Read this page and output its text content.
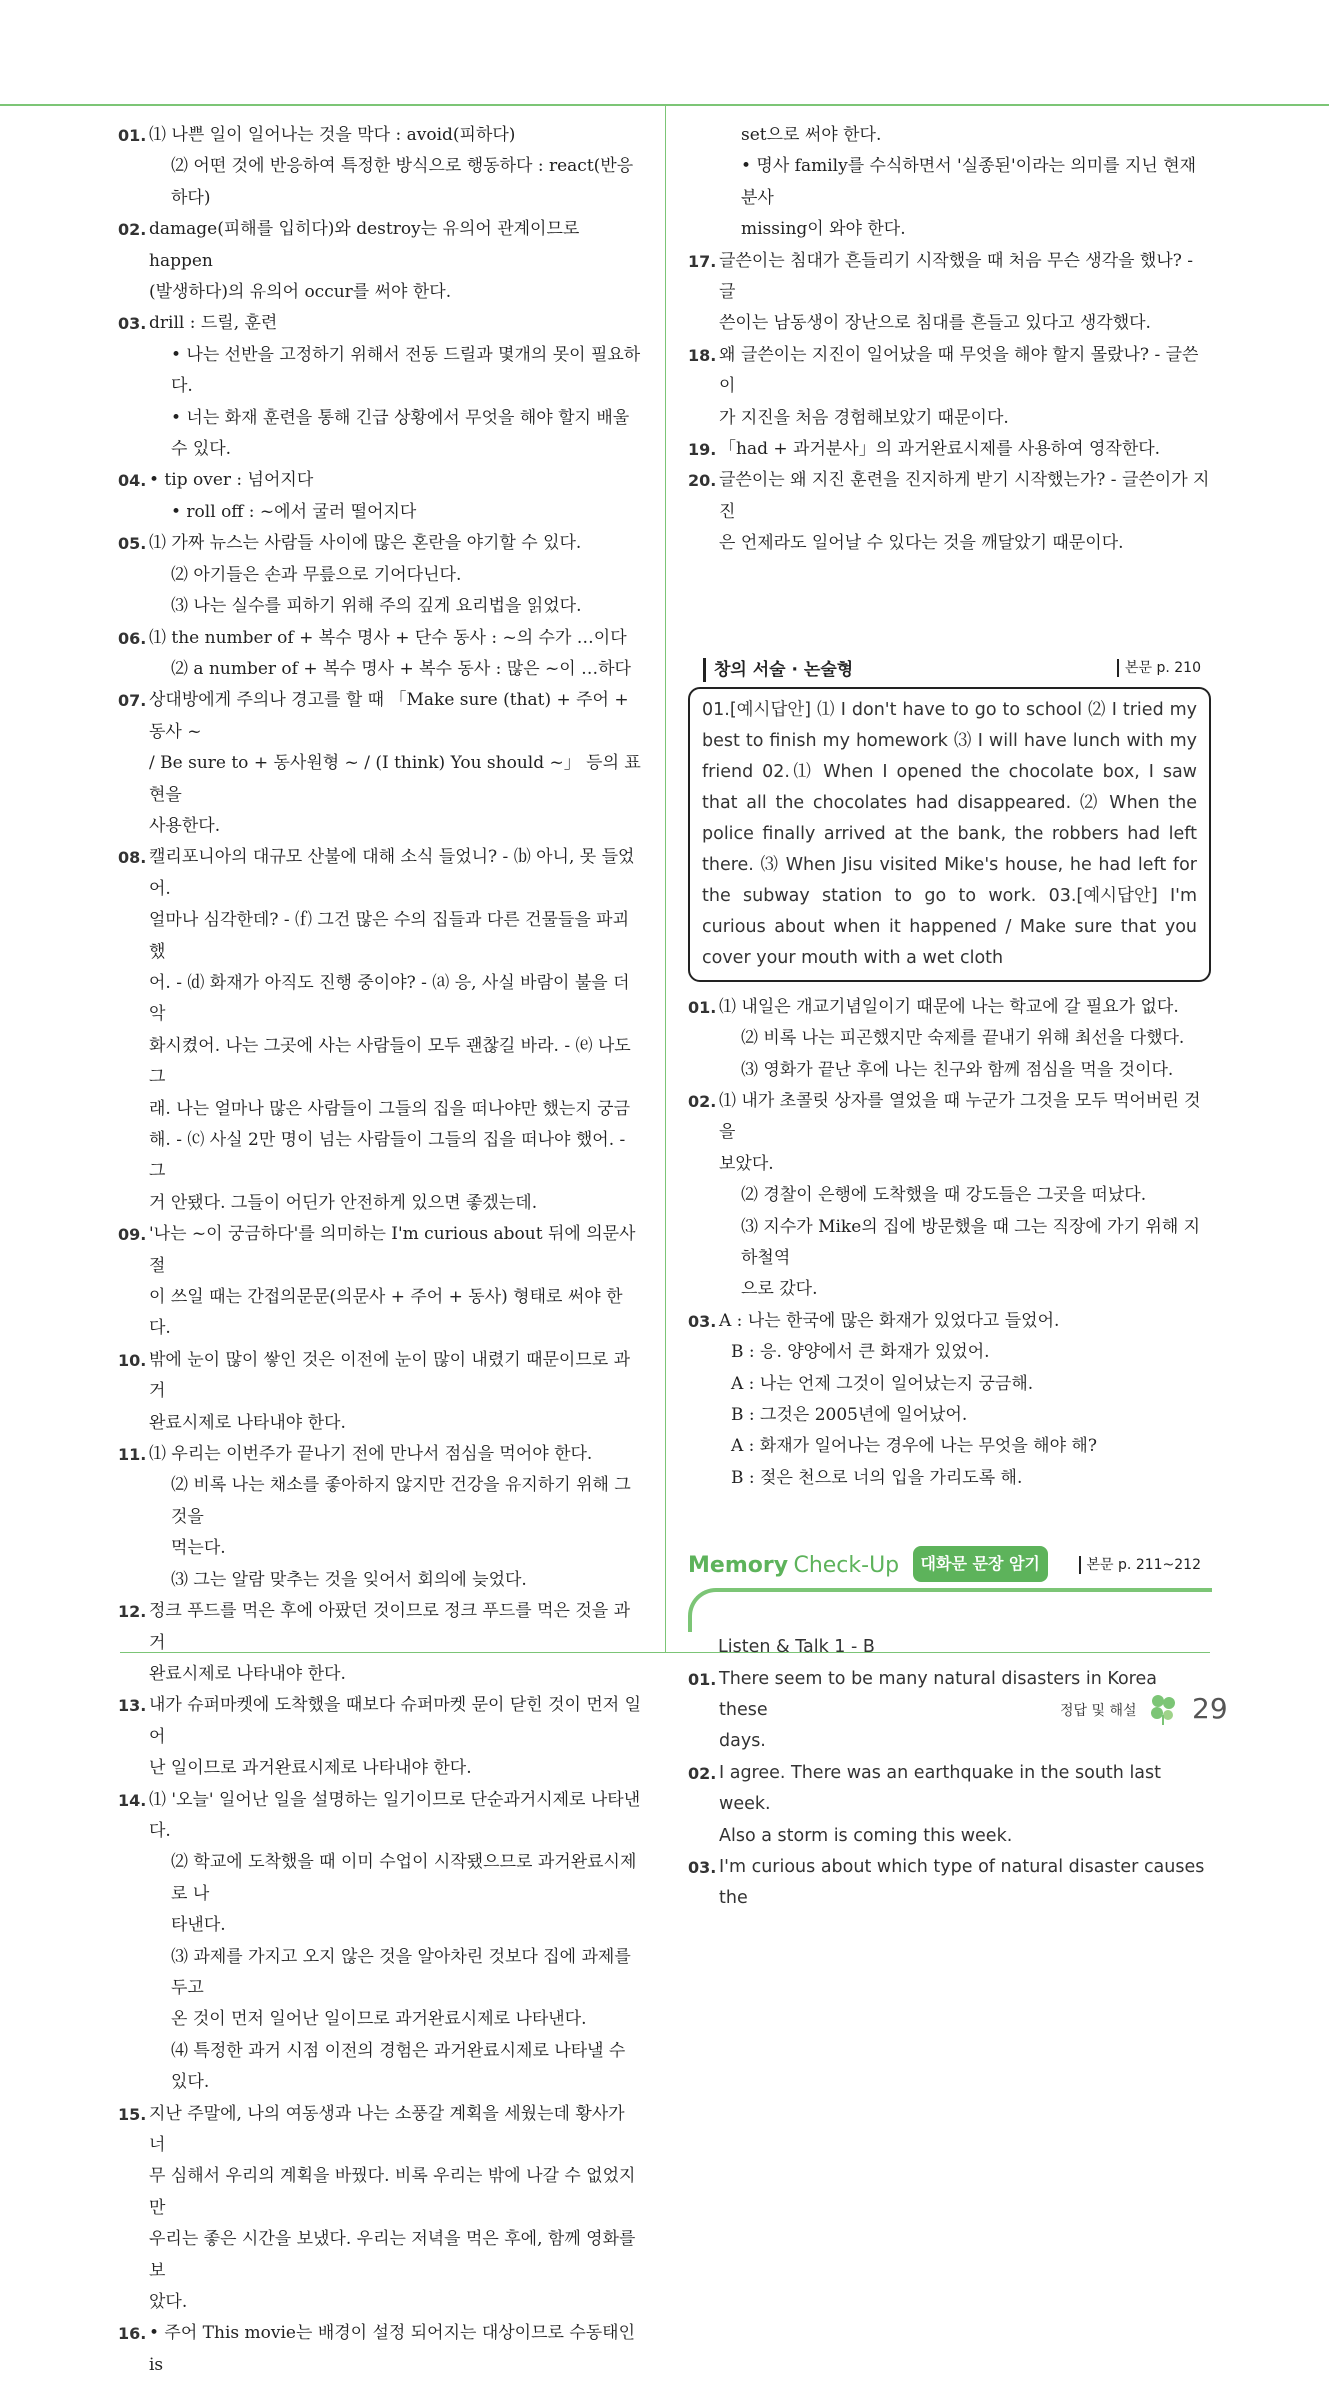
01. ⑴ 나쁜 일이 일어나는 것을 막다 : avoid(피하다)
⑵ 어떤 것에 반응하여 특정한 방식으로 행동하다 : react(반응하다)
02. damage(피해를 입히다)와 destroy는 유의어 관계이므로 happen
(발생하다)의 유의어 occur를 써야 한다.
03. drill : 드릴, 훈련
• 나는 선반을 고정하기 위해서 전동 드릴과 몇개의 못이 필요하다.
• 너는 화재 훈련을 통해 긴급 상황에서 무엇을 해야 할지 배울 수 있다.
04. • tip over : 넘어지다
• roll off : ~에서 굴러 떨어지다
05. ⑴ 가짜 뉴스는 사람들 사이에 많은 혼란을 야기할 수 있다.
⑵ 아기들은 손과 무릎으로 기어다닌다.
⑶ 나는 실수를 피하기 위해 주의 깊게 요리법을 읽었다.
06. ⑴ the number of + 복수 명사 + 단수 동사 : ~의 수가 …이다
⑵ a number of + 복수 명사 + 복수 동사 : 많은 ~이 …하다
07. 상대방에게 주의나 경고를 할 때 「Make sure (that) + 주어 + 동사 ~
/ Be sure to + 동사원형 ~ / (I think) You should ~」 등의 표현을
사용한다.
08. 캘리포니아의 대규모 산불에 대해 소식 들었니? - ⒝ 아니, 못 들었어.
얼마나 심각한데? - ⒡ 그건 많은 수의 집들과 다른 건물들을 파괴했
어. - ⒟ 화재가 아직도 진행 중이야? - ⒜ 응, 사실 바람이 불을 더 악
화시켰어. 나는 그곳에 사는 사람들이 모두 괜찮길 바라. - ⒠ 나도 그
래. 나는 얼마나 많은 사람들이 그들의 집을 떠나야만 했는지 궁금
해. - ⒞ 사실 2만 명이 넘는 사람들이 그들의 집을 떠나야 했어. - 그
거 안됐다. 그들이 어딘가 안전하게 있으면 좋겠는데.
09. '나는 ~이 궁금하다'를 의미하는 I'm curious about 뒤에 의문사 절
이 쓰일 때는 간접의문문(의문사 + 주어 + 동사) 형태로 써야 한다.
10. 밖에 눈이 많이 쌓인 것은 이전에 눈이 많이 내렸기 때문이므로 과거
완료시제로 나타내야 한다.
11. ⑴ 우리는 이번주가 끝나기 전에 만나서 점심을 먹어야 한다.
⑵ 비록 나는 채소를 좋아하지 않지만 건강을 유지하기 위해 그것을
먹는다.
⑶ 그는 알람 맞추는 것을 잊어서 회의에 늦었다.
12. 정크 푸드를 먹은 후에 아팠던 것이므로 정크 푸드를 먹은 것을 과거
완료시제로 나타내야 한다.
13. 내가 슈퍼마켓에 도착했을 때보다 슈퍼마켓 문이 닫힌 것이 먼저 일어
난 일이므로 과거완료시제로 나타내야 한다.
14. ⑴ '오늘' 일어난 일을 설명하는 일기이므로 단순과거시제로 나타낸
다.
⑵ 학교에 도착했을 때 이미 수업이 시작됐으므로 과거완료시제로 나
타낸다.
⑶ 과제를 가지고 오지 않은 것을 알아차린 것보다 집에 과제를 두고
온 것이 먼저 일어난 일이므로 과거완료시제로 나타낸다.
⑷ 특정한 과거 시점 이전의 경험은 과거완료시제로 나타낼 수 있다.
15. 지난 주말에, 나의 여동생과 나는 소풍갈 계획을 세웠는데 황사가 너
무 심해서 우리의 계획을 바꿨다. 비록 우리는 밖에 나갈 수 없었지만
우리는 좋은 시간을 보냈다. 우리는 저녁을 먹은 후에, 함께 영화를 보
았다.
16. • 주어 This movie는 배경이 설정 되어지는 대상이므로 수동태인 is
set으로 써야 한다.
• 명사 family를 수식하면서 '실종된'이라는 의미를 지닌 현재분사
missing이 와야 한다.
17. 글쓴이는 침대가 흔들리기 시작했을 때 처음 무슨 생각을 했나? - 글
쓴이는 남동생이 장난으로 침대를 흔들고 있다고 생각했다.
18. 왜 글쓴이는 지진이 일어났을 때 무엇을 해야 할지 몰랐나? - 글쓴이
가 지진을 처음 경험해보았기 때문이다.
19. 「had + 과거분사」의 과거완료시제를 사용하여 영작한다.
20. 글쓴이는 왜 지진 훈련을 진지하게 받기 시작했는가? - 글쓴이가 지진
은 언제라도 일어날 수 있다는 것을 깨달았기 때문이다.
창의 서술 · 논술형	본문 p. 210
01.[예시답안] ⑴ I don't have to go to school ⑵ I tried my best to finish my homework ⑶ I will have lunch with my friend 02.⑴ When I opened the chocolate box, I saw that all the chocolates had disappeared. ⑵ When the police finally arrived at the bank, the robbers had left there. ⑶ When Jisu visited Mike's house, he had left for the subway station to go to work. 03.[예시답안] I'm curious about when it happened / Make sure that you cover your mouth with a wet cloth
01. ⑴ 내일은 개교기념일이기 때문에 나는 학교에 갈 필요가 없다.
⑵ 비록 나는 피곤했지만 숙제를 끝내기 위해 최선을 다했다.
⑶ 영화가 끝난 후에 나는 친구와 함께 점심을 먹을 것이다.
02. ⑴ 내가 초콜릿 상자를 열었을 때 누군가 그것을 모두 먹어버린 것을
보았다.
⑵ 경찰이 은행에 도착했을 때 강도들은 그곳을 떠났다.
⑶ 지수가 Mike의 집에 방문했을 때 그는 직장에 가기 위해 지하철역
으로 갔다.
03. A : 나는 한국에 많은 화재가 있었다고 들었어.
B : 응. 양양에서 큰 화재가 있었어.
A : 나는 언제 그것이 일어났는지 궁금해.
B : 그것은 2005년에 일어났어.
A : 화재가 일어나는 경우에 나는 무엇을 해야 해?
B : 젖은 천으로 너의 입을 가리도록 해.
Memory Check-Up 대화문 문장 암기	본문 p. 211~212
Listen & Talk 1 - B
01. There seem to be many natural disasters in Korea these
days.
02. I agree. There was an earthquake in the south last week.
Also a storm is coming this week.
03. I'm curious about which type of natural disaster causes the
정답 및 해설 29
